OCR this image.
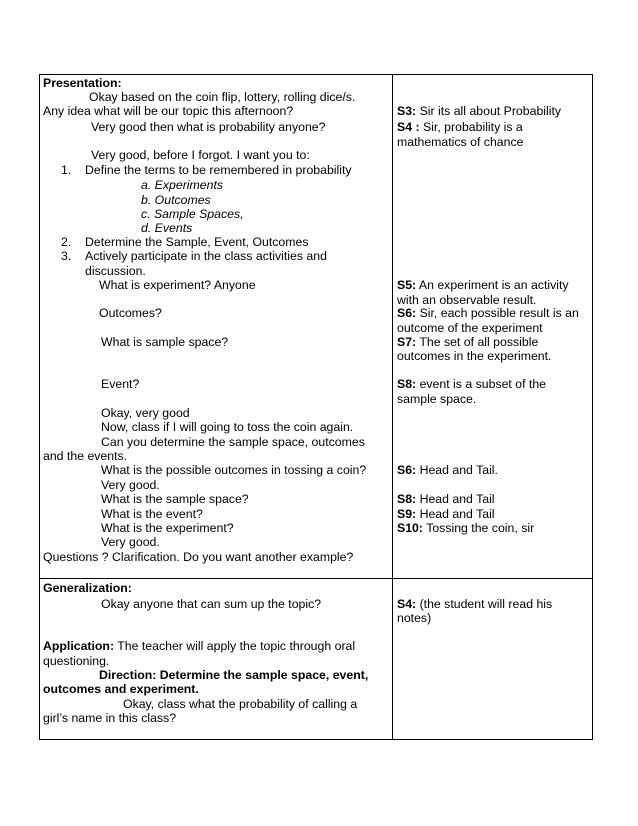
Presentation:
Okay based on the coin flip, lottery, rolling dice/s.
Any idea what will be our topic this afternoon?
Very good then what is probability anyone?
Very good, before I forgot. I want you to:
1. Define the terms to be remembered in probability
a. Experiments
b. Outcomes
c. Sample Spaces,
d. Events
2. Determine the Sample, Event, Outcomes
3. Actively participate in the class activities and
discussion.
What is experiment? Anyone
Outcomes?
What is sample space?
Event?
Okay, very good
Now, class if I will going to toss the coin again.
Can you determine the sample space, outcomes
and the events.
What is the possible outcomes in tossing a coin?
Very good.
What is the sample space?
What is the event?
What is the experiment?
Very good.
Questions ? Clarification. Do you want another example?
S3: Sir its all about Probability
S4 : Sir, probability is a
mathematics of chance
S5: An experiment is an activity
with an observable result.
S6: Sir, each possible result is an
outcome of the experiment
S7: The set of all possible
outcomes in the experiment.
S8: event is a subset of the
sample space.
S6: Head and Tail.
S8: Head and Tail
S9: Head and Tail
S10: Tossing the coin, sir
Generalization:
Okay anyone that can sum up the topic?	S4: (the student will read his
notes)
Application: The teacher will apply the topic through oral
questioning.
Direction: Determine the sample space, event,
outcomes and experiment.
Okay, class what the probability of calling a
girl’s name in this class?
